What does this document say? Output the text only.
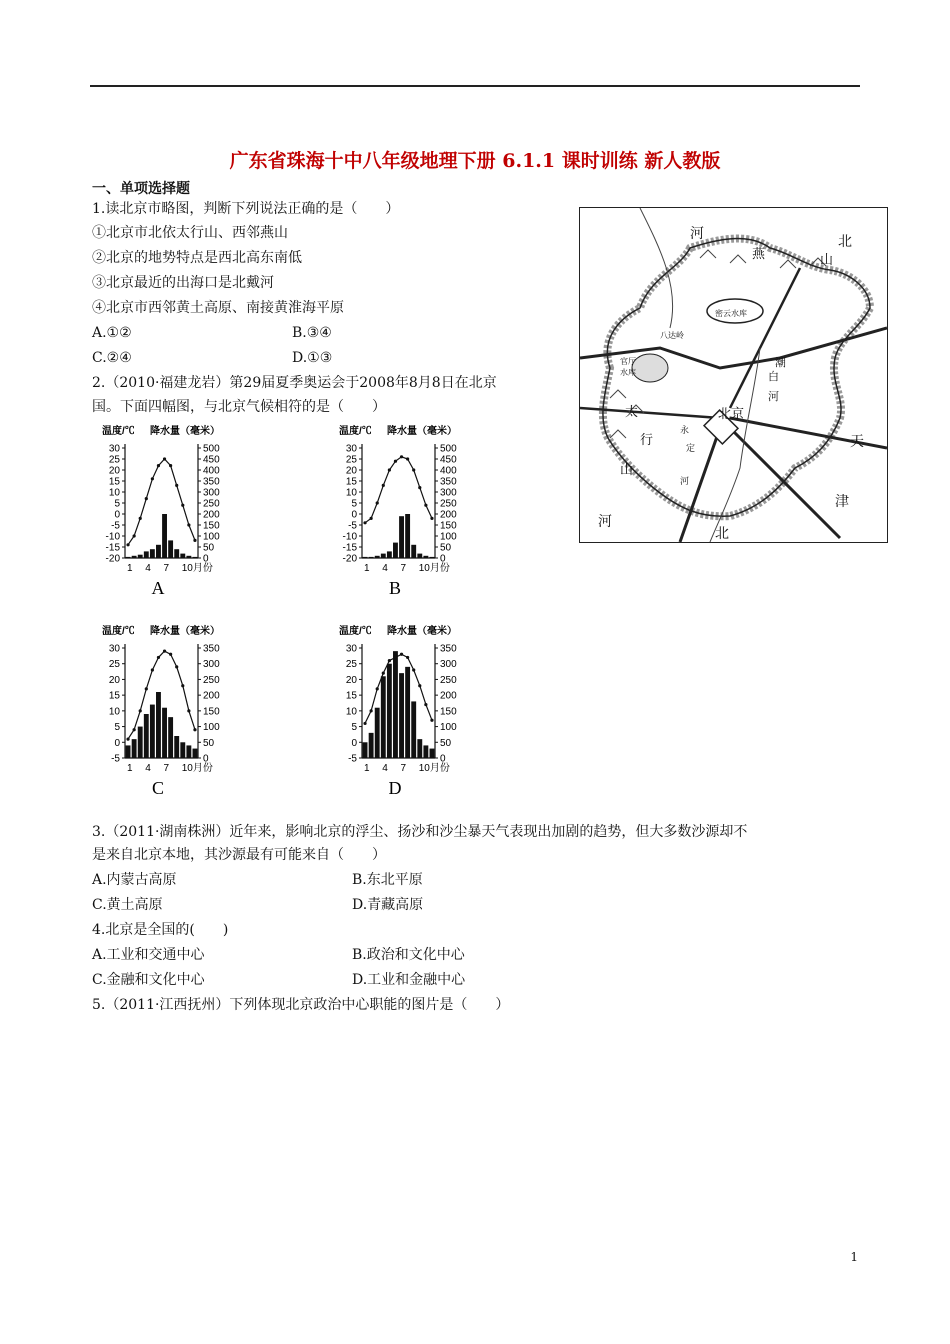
广东省珠海十中八年级地理下册 6.1.1 课时训练 新人教版
一、单项选择题
1.读北京市略图，判断下列说法正确的是（　　）
①北京市北依太行山、西邻燕山
②北京的地势特点是西北高东南低
③北京最近的出海口是北戴河
④北京市西邻黄土高原、南接黄淮海平原
A.①②	B.③④
C.②④	D.①③
河	北
燕	山
八达岭
密云水库
官厅
水库
潮
白
河
北京
永
定
河
太
行
山
天
津
河
北
2.（2010·福建龙岩）第29届夏季奥运会于2008年8月8日在北京
国。下面四幅图，与北京气候相符的是（　　）
温度/℃ 降水量（毫米）
30
25
20
15
10
5
0
-5
-10
-15
-20
500
450
400
350
300
250
200
150
100
50
0
1 4 7 10月份
A
温度/℃ 降水量（毫米）
30
25
20
15
10
5
0
-5
-10
-15
-20
500
450
400
350
300
250
200
150
100
50
0
1 4 7 10月份
B
温度/℃ 降水量（毫米）
30
25
20
15
10
5
0
-5
350
300
250
200
150
100
50
0
1 4 7 10月份
C
温度/℃ 降水量（毫米）
30
25
20
15
10
5
0
-5
350
300
250
200
150
100
50
0
1 4 7 10月份
D
3.（2011·湖南株洲）近年来，影响北京的浮尘、扬沙和沙尘暴天气表现出加剧的趋势，但大多数沙源却不
是来自北京本地，其沙源最有可能来自（　　）
A.内蒙古高原	B.东北平原
C.黄土高原	D.青藏高原
4.北京是全国的(　　)
A.工业和交通中心	B.政治和文化中心
C.金融和文化中心	D.工业和金融中心
5.（2011·江西抚州）下列体现北京政治中心职能的图片是（　　）
1
